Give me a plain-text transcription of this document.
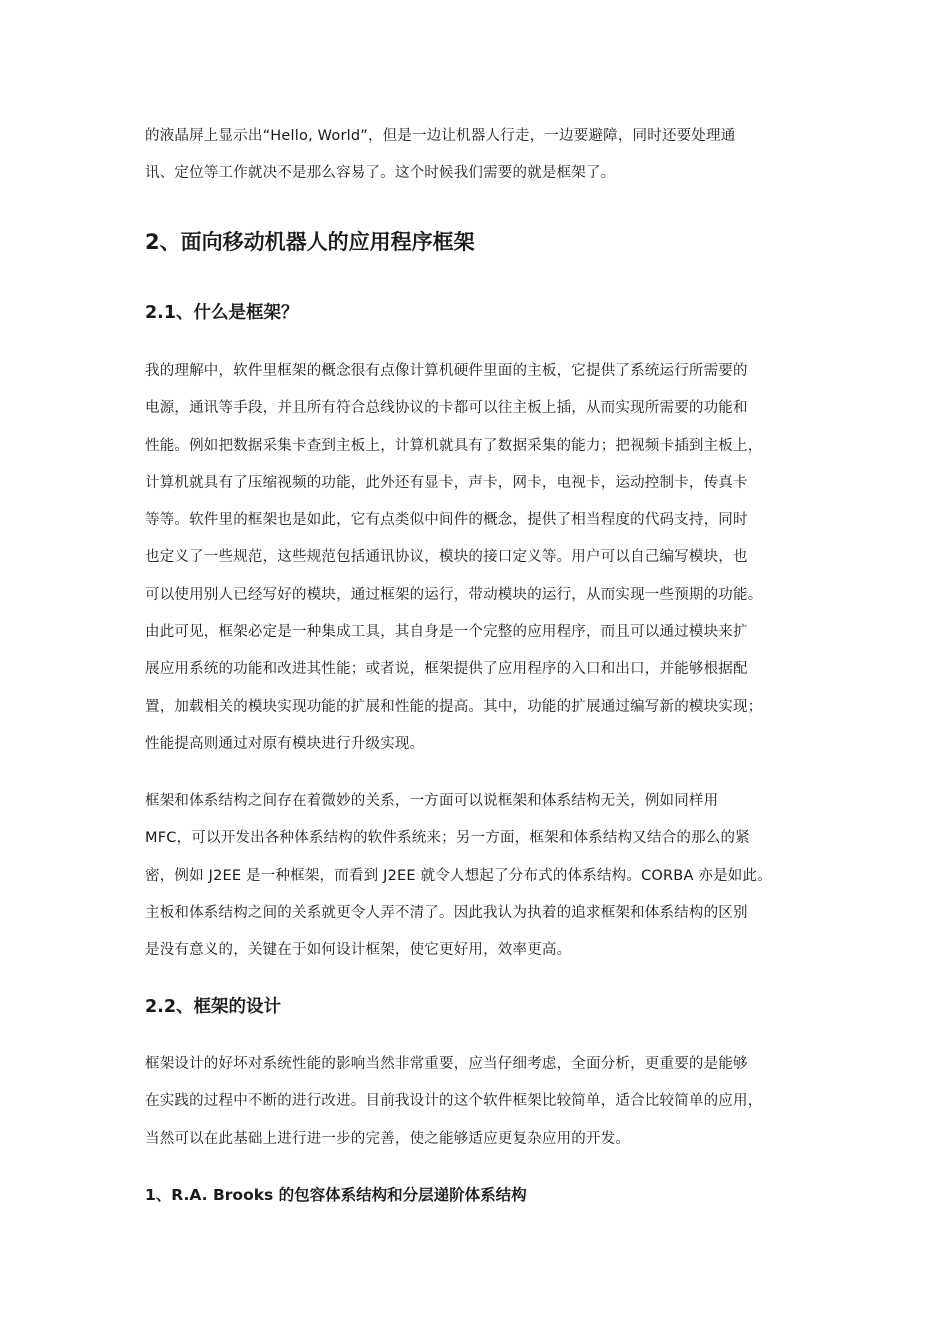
的液晶屏上显示出“Hello, World”，但是一边让机器人行走，一边要避障，同时还要处理通
讯、定位等工作就决不是那么容易了。这个时候我们需要的就是框架了。
2、面向移动机器人的应用程序框架
2.1、什么是框架？
我的理解中，软件里框架的概念很有点像计算机硬件里面的主板，它提供了系统运行所需要的
电源，通讯等手段，并且所有符合总线协议的卡都可以往主板上插，从而实现所需要的功能和
性能。例如把数据采集卡查到主板上，计算机就具有了数据采集的能力；把视频卡插到主板上，
计算机就具有了压缩视频的功能，此外还有显卡，声卡，网卡，电视卡，运动控制卡，传真卡
等等。软件里的框架也是如此，它有点类似中间件的概念，提供了相当程度的代码支持，同时
也定义了一些规范，这些规范包括通讯协议，模块的接口定义等。用户可以自己编写模块，也
可以使用别人已经写好的模块，通过框架的运行，带动模块的运行，从而实现一些预期的功能。
由此可见，框架必定是一种集成工具，其自身是一个完整的应用程序，而且可以通过模块来扩
展应用系统的功能和改进其性能；或者说，框架提供了应用程序的入口和出口，并能够根据配
置，加载相关的模块实现功能的扩展和性能的提高。其中，功能的扩展通过编写新的模块实现；
性能提高则通过对原有模块进行升级实现。
框架和体系结构之间存在着微妙的关系，一方面可以说框架和体系结构无关，例如同样用
MFC，可以开发出各种体系结构的软件系统来；另一方面，框架和体系结构又结合的那么的紧
密，例如 J2EE 是一种框架，而看到 J2EE 就令人想起了分布式的体系结构。CORBA 亦是如此。
主板和体系结构之间的关系就更令人弄不清了。因此我认为执着的追求框架和体系结构的区别
是没有意义的，关键在于如何设计框架，使它更好用，效率更高。
2.2、框架的设计
框架设计的好坏对系统性能的影响当然非常重要，应当仔细考虑，全面分析，更重要的是能够
在实践的过程中不断的进行改进。目前我设计的这个软件框架比较简单，适合比较简单的应用，
当然可以在此基础上进行进一步的完善，使之能够适应更复杂应用的开发。
1、R.A. Brooks 的包容体系结构和分层递阶体系结构
